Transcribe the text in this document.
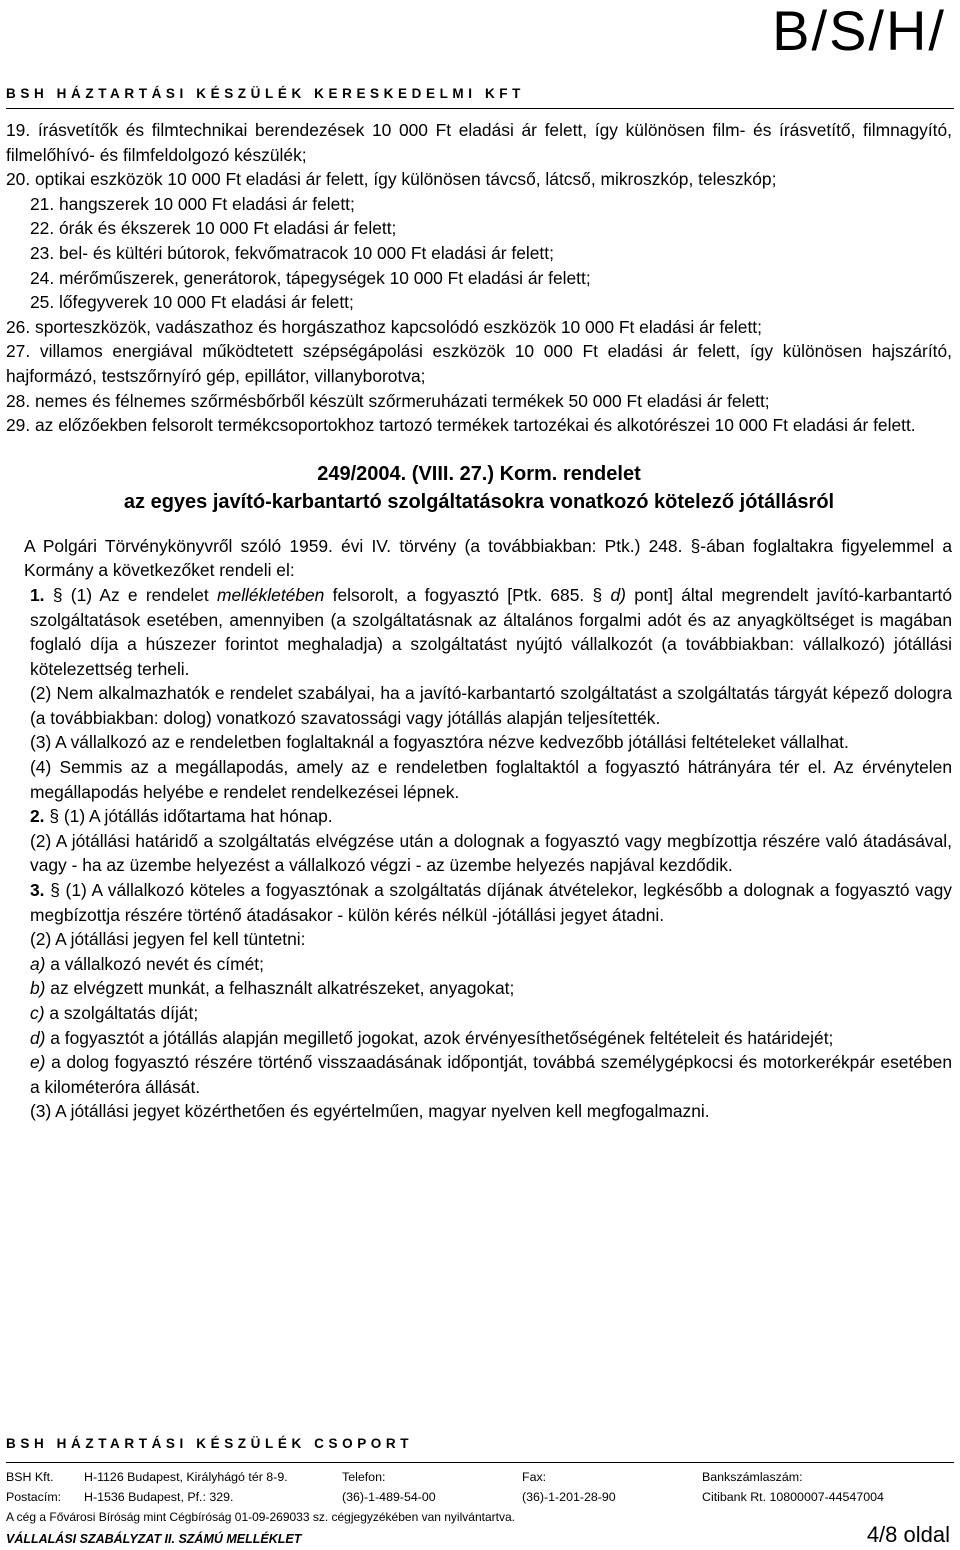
B/S/H/
BSH HÁZTARTÁSI KÉSZÜLÉK KERESKEDELMI KFT

19. írásvetítők és filmtechnikai berendezések 10 000 Ft eladási ár felett, így különösen film- és írásvetítő, filmnagyító, filmelőhívó- és filmfeldolgozó készülék;

20. optikai eszközök 10 000 Ft eladási ár felett, így különösen távcső, látcső, mikroszkóp, teleszkóp;

21. hangszerek 10 000 Ft eladási ár felett;

22. órák és ékszerek 10 000 Ft eladási ár felett;

23. bel- és kültéri bútorok, fekvőmatracok 10 000 Ft eladási ár felett;

24. mérőműszerek, generátorok, tápegységek 10 000 Ft eladási ár felett;

25. lőfegyverek 10 000 Ft eladási ár felett;

26. sporteszközök, vadászathoz és horgászathoz kapcsolódó eszközök 10 000 Ft eladási ár felett;

27. villamos energiával működtetett szépségápolási eszközök 10 000 Ft eladási ár felett, így különösen hajszárító, hajformázó, testszőrnyíró gép, epillátor, villanyborotva;

28. nemes és félnemes szőrmésbőrből készült szőrmeruházati termékek 50 000 Ft eladási ár felett;

29. az előzőekben felsorolt termékcsoportokhoz tartozó termékek tartozékai és alkotórészei 10 000 Ft eladási ár felett.

249/2004. (VIII. 27.) Korm. rendelet

az egyes javító-karbantartó szolgáltatásokra vonatkozó kötelező jótállásról

A Polgári Törvénykönyvről szóló 1959. évi IV. törvény (a továbbiakban: Ptk.) 248. §-ában foglaltakra figyelemmel a Kormány a következőket rendeli el:

1. § (1) Az e rendelet mellékletében felsorolt, a fogyasztó [Ptk. 685. § d) pont] által megrendelt javító-karbantartó szolgáltatások esetében, amennyiben (a szolgáltatásnak az általános forgalmi adót és az anyagköltséget is magában foglaló díja a húszezer forintot meghaladja) a szolgáltatást nyújtó vállalkozót (a továbbiakban: vállalkozó) jótállási kötelezettség terheli.

(2) Nem alkalmazhatók e rendelet szabályai, ha a javító-karbantartó szolgáltatást a szolgáltatás tárgyát képező dologra (a továbbiakban: dolog) vonatkozó szavatossági vagy jótállás alapján teljesítették.

(3) A vállalkozó az e rendeletben foglaltaknál a fogyasztóra nézve kedvezőbb jótállási feltételeket vállalhat.

(4) Semmis az a megállapodás, amely az e rendeletben foglaltaktól a fogyasztó hátrányára tér el. Az érvénytelen megállapodás helyébe e rendelet rendelkezései lépnek.

2. § (1) A jótállás időtartama hat hónap.

(2) A jótállási határidő a szolgáltatás elvégzése után a dolognak a fogyasztó vagy megbízottja részére való átadásával, vagy - ha az üzembe helyezést a vállalkozó végzi - az üzembe helyezés napjával kezdődik.

3. § (1) A vállalkozó köteles a fogyasztónak a szolgáltatás díjának átvételekor, legkésőbb a dolognak a fogyasztó vagy megbízottja részére történő átadásakor - külön kérés nélkül -jótállási jegyet átadni.

(2) A jótállási jegyen fel kell tüntetni:

a) a vállalkozó nevét és címét;

b) az elvégzett munkát, a felhasznált alkatrészeket, anyagokat;

c) a szolgáltatás díját;

d) a fogyasztót a jótállás alapján megillető jogokat, azok érvényesíthetőségének feltételeit és határidejét;

e) a dolog fogyasztó részére történő visszaadásának időpontját, továbbá személygépkocsi és motorkerékpár esetében a kilométeróra állását.

(3) A jótállási jegyet közérthetően és egyértelműen, magyar nyelven kell megfogalmazni.

BSH HÁZTARTÁSI KÉSZÜLÉK CSOPORT
BSH Kft. H-1126 Budapest, Királyhágó tér 8-9.	Telefon:	Fax:	Bankszámlaszám:
Postacím: H-1536 Budapest, Pf.: 329.	(36)-1-489-54-00	(36)-1-201-28-90	Citibank Rt. 10800007-44547004
A cég a Fővárosi Bíróság mint Cégbíróság 01-09-269033 sz. cégjegyzékében van nyilvántartva.
VÁLLALÁSI SZABÁLYZAT II. SZÁMÚ MELLÉKLET	4/8 oldal
